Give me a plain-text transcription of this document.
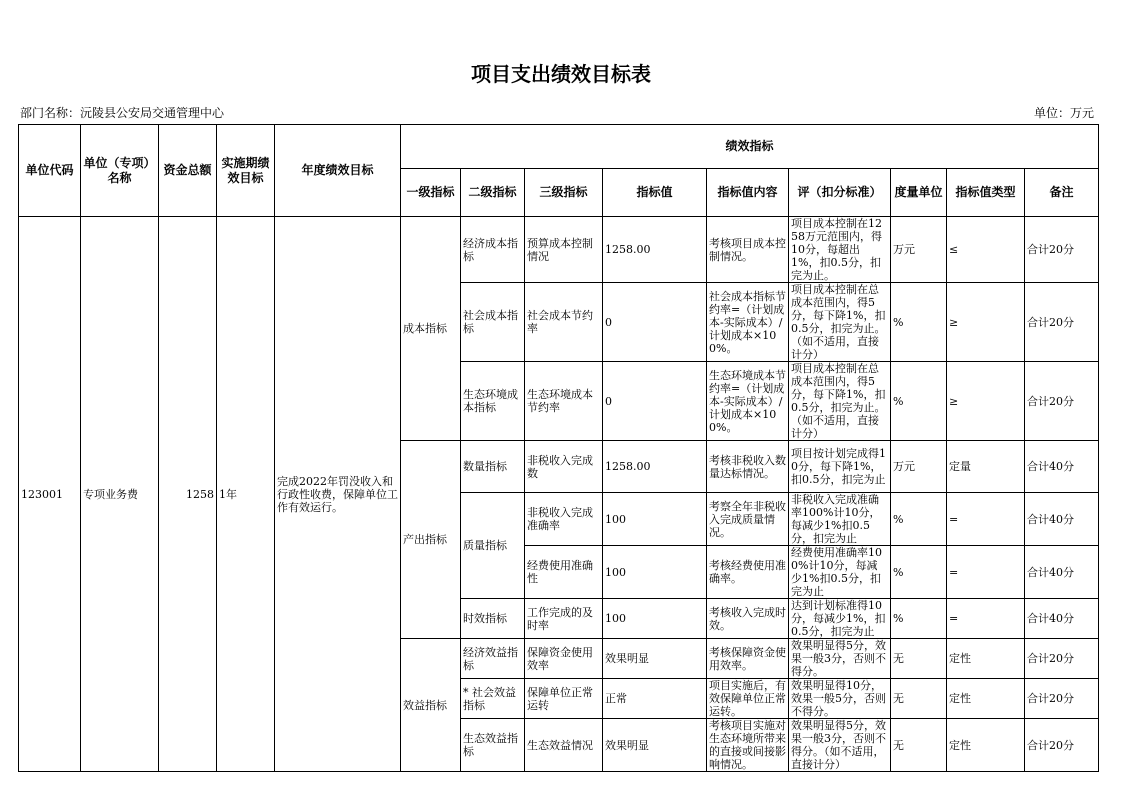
项目支出绩效目标表
部门名称：沅陵县公安局交通管理中心	单位：万元
单位代码	单位（专项）名称	资金总额	实施期绩效目标	年度绩效目标	绩效指标								
					一级指标	二级指标	三级指标	指标值	指标值内容	评（扣分标准）	度量单位	指标值类型	备注
123001	专项业务费	1258	1年	完成2022年罚没收入和行政性收费，保障单位工作有效运行。	成本指标	经济成本指标	预算成本控制情况	1258.00	考核项目成本控制情况。	项目成本控制在1258万元范围内，得10分，每超出1%，扣0.5分，扣完为止。	万元	≤	合计20分
						社会成本指标	社会成本节约率	0	社会成本指标节约率=（计划成本-实际成本）/计划成本×100%。	项目成本控制在总成本范围内，得5分，每下降1%，扣0.5分，扣完为止。（如不适用，直接计分）	%	≥	合计20分
						生态环境成本指标	生态环境成本节约率	0	生态环境成本节约率=（计划成本-实际成本）/计划成本×100%。	项目成本控制在总成本范围内，得5分，每下降1%，扣0.5分，扣完为止。（如不适用，直接计分）	%	≥	合计20分
					产出指标	数量指标	非税收入完成数	1258.00	考核非税收入数量达标情况。	项目按计划完成得10分，每下降1%，扣0.5分，扣完为止	万元	定量	合计40分
						质量指标	非税收入完成准确率	100	考察全年非税收入完成质量情况。	非税收入完成准确率100%计10分，每减少1%扣0.5分，扣完为止	%	=	合计40分
							经费使用准确性	100	考核经费使用准确率。	经费使用准确率100%计10分，每减少1%扣0.5分，扣完为止	%	=	合计40分
						时效指标	工作完成的及时率	100	考核收入完成时效。	达到计划标准得10分，每减少1%，扣0.5分，扣完为止	%	=	合计40分
					效益指标	经济效益指标	保障资金使用效率	效果明显	考核保障资金使用效率。	效果明显得5分，效果一般3分，否则不得分。	无	定性	合计20分
						* 社会效益指标	保障单位正常运转	正常	项目实施后，有效保障单位正常运转。	效果明显得10分，效果一般5分，否则不得分。	无	定性	合计20分
						生态效益指标	生态效益情况	效果明显	考核项目实施对生态环境所带来的直接或间接影响情况。	效果明显得5分，效果一般3分，否则不得分。（如不适用，直接计分）	无	定性	合计20分
